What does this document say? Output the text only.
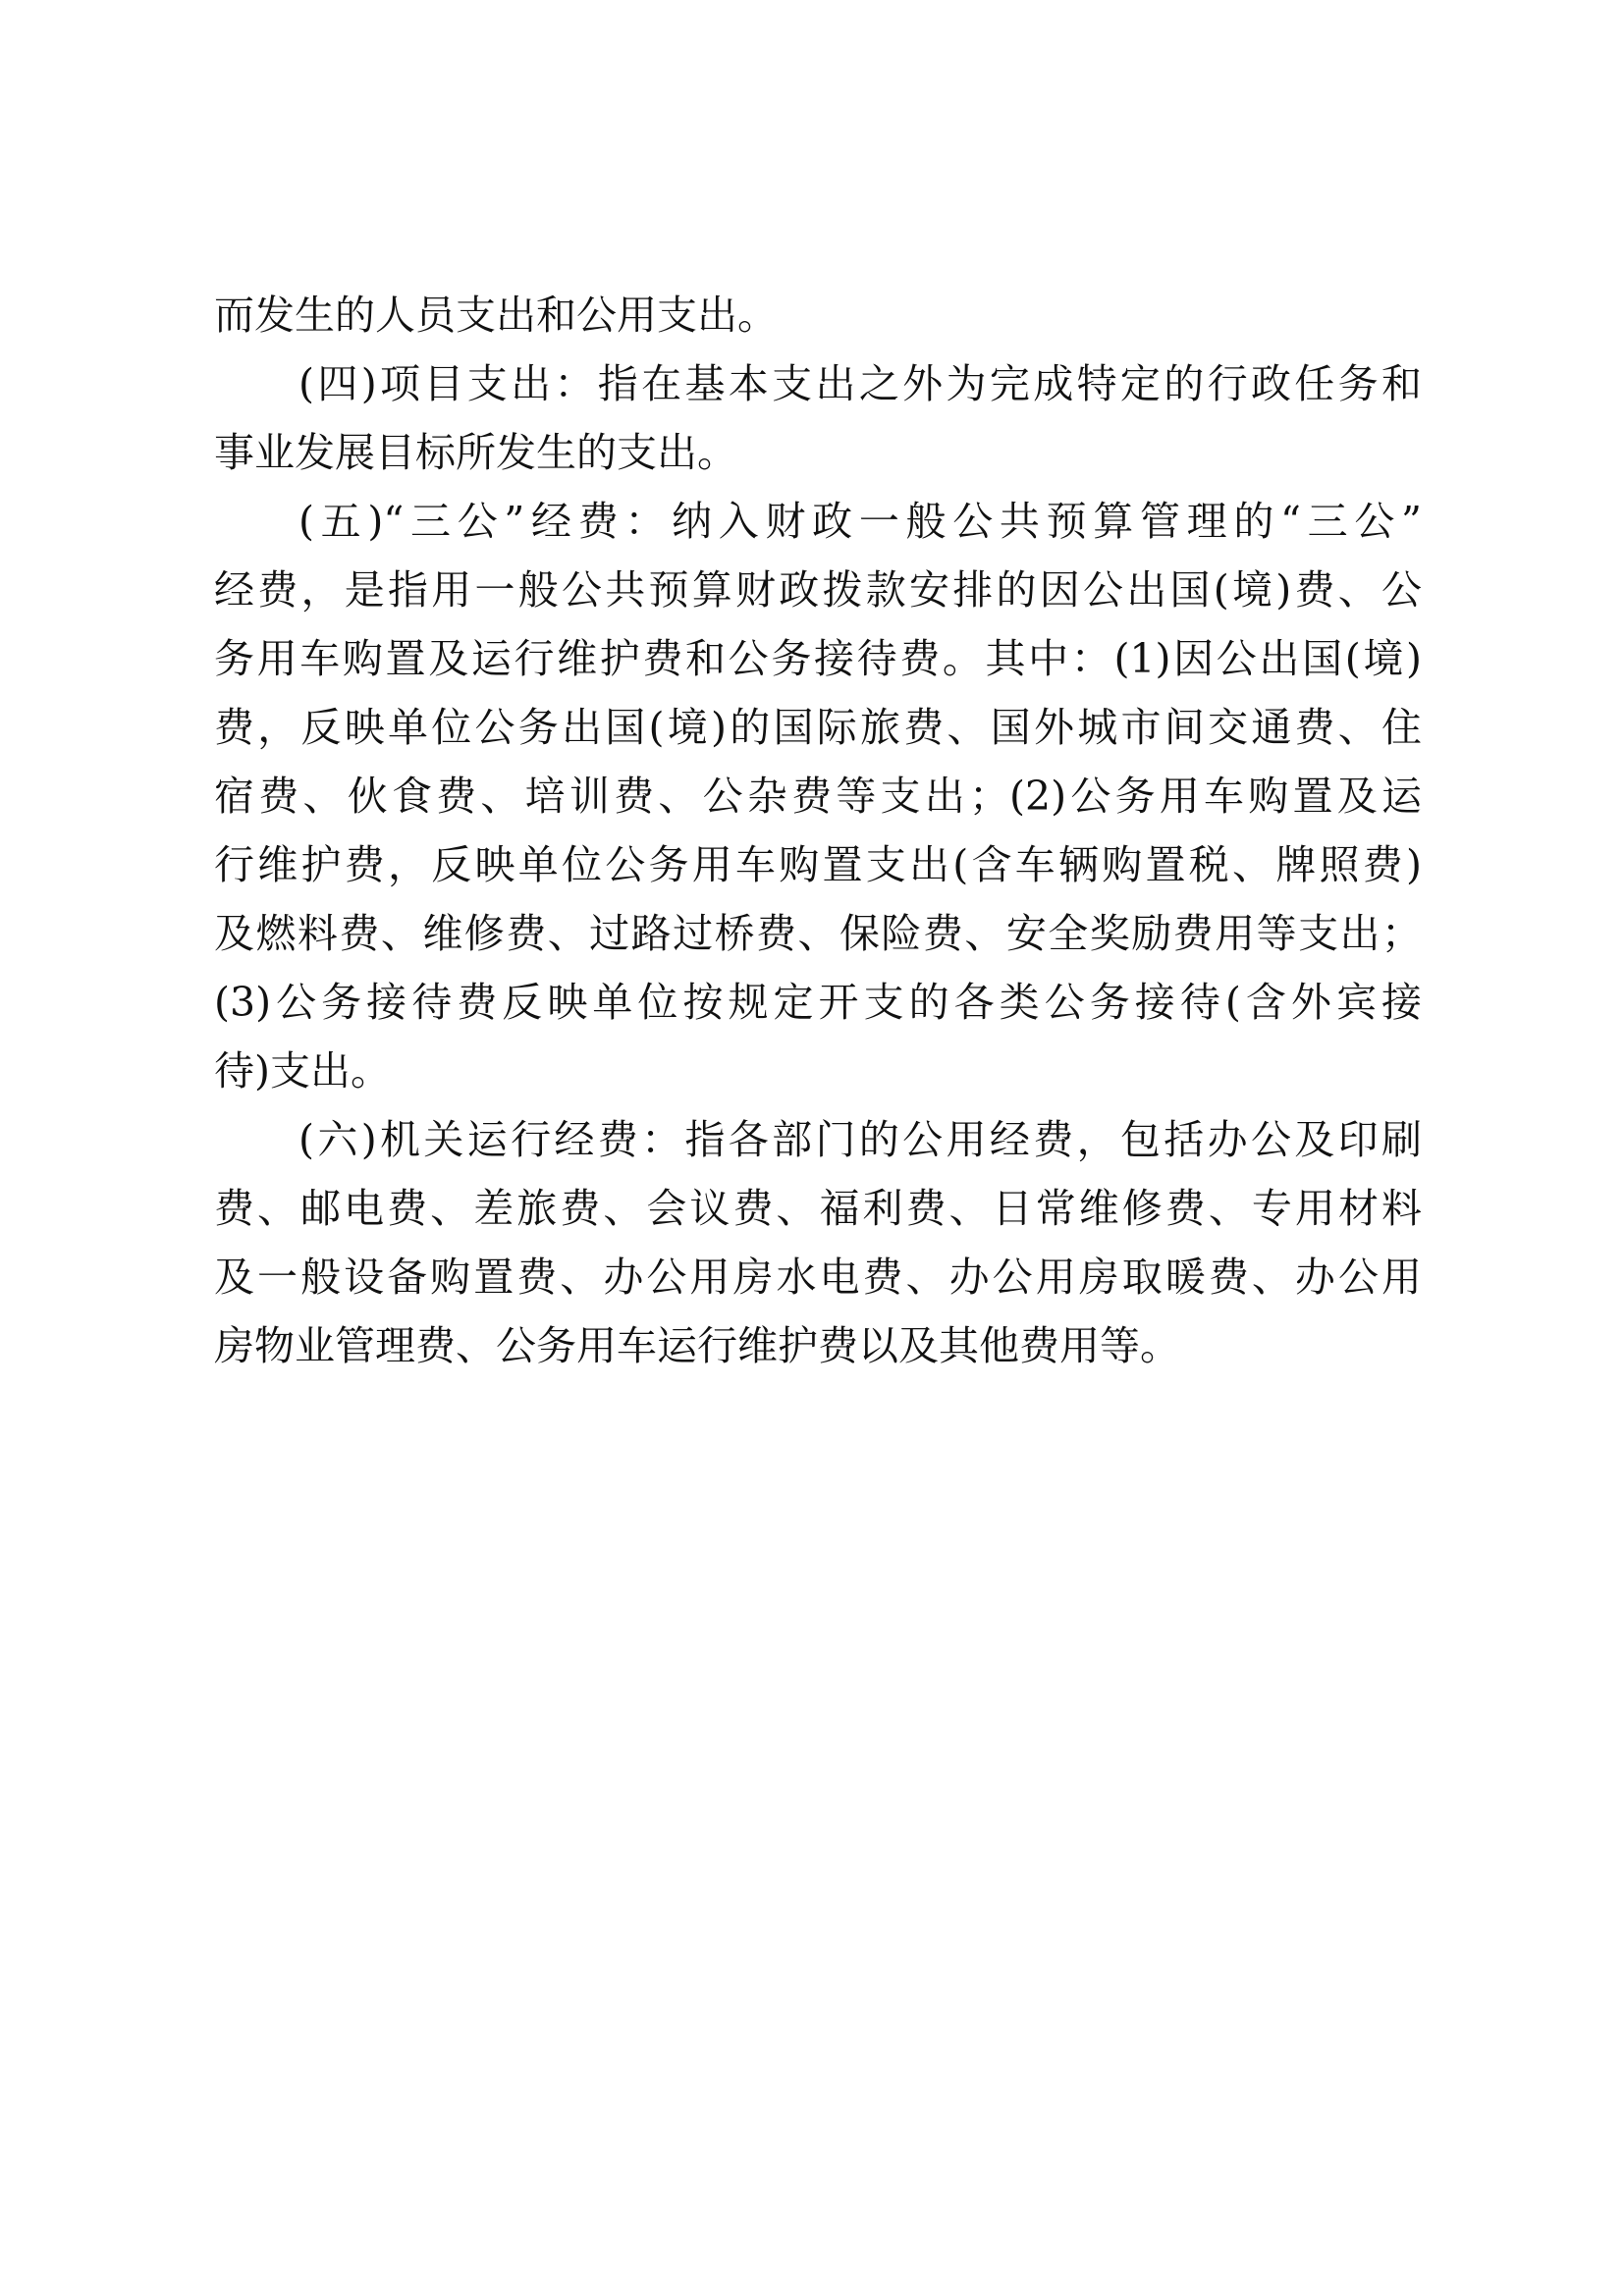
而发生的人员支出和公用支出。
(四)项目支出：指在基本支出之外为完成特定的行政任务和
事业发展目标所发生的支出。
(五)“三公”经费：纳入财政一般公共预算管理的“三公”
经费，是指用一般公共预算财政拨款安排的因公出国(境)费、公
务用车购置及运行维护费和公务接待费。其中：(1)因公出国(境)
费，反映单位公务出国(境)的国际旅费、国外城市间交通费、住
宿费、伙食费、培训费、公杂费等支出；(2)公务用车购置及运
行维护费，反映单位公务用车购置支出(含车辆购置税、牌照费)
及燃料费、维修费、过路过桥费、保险费、安全奖励费用等支出；
(3)公务接待费反映单位按规定开支的各类公务接待(含外宾接
待)支出。
(六)机关运行经费：指各部门的公用经费，包括办公及印刷
费、邮电费、差旅费、会议费、福利费、日常维修费、专用材料
及一般设备购置费、办公用房水电费、办公用房取暖费、办公用
房物业管理费、公务用车运行维护费以及其他费用等。
